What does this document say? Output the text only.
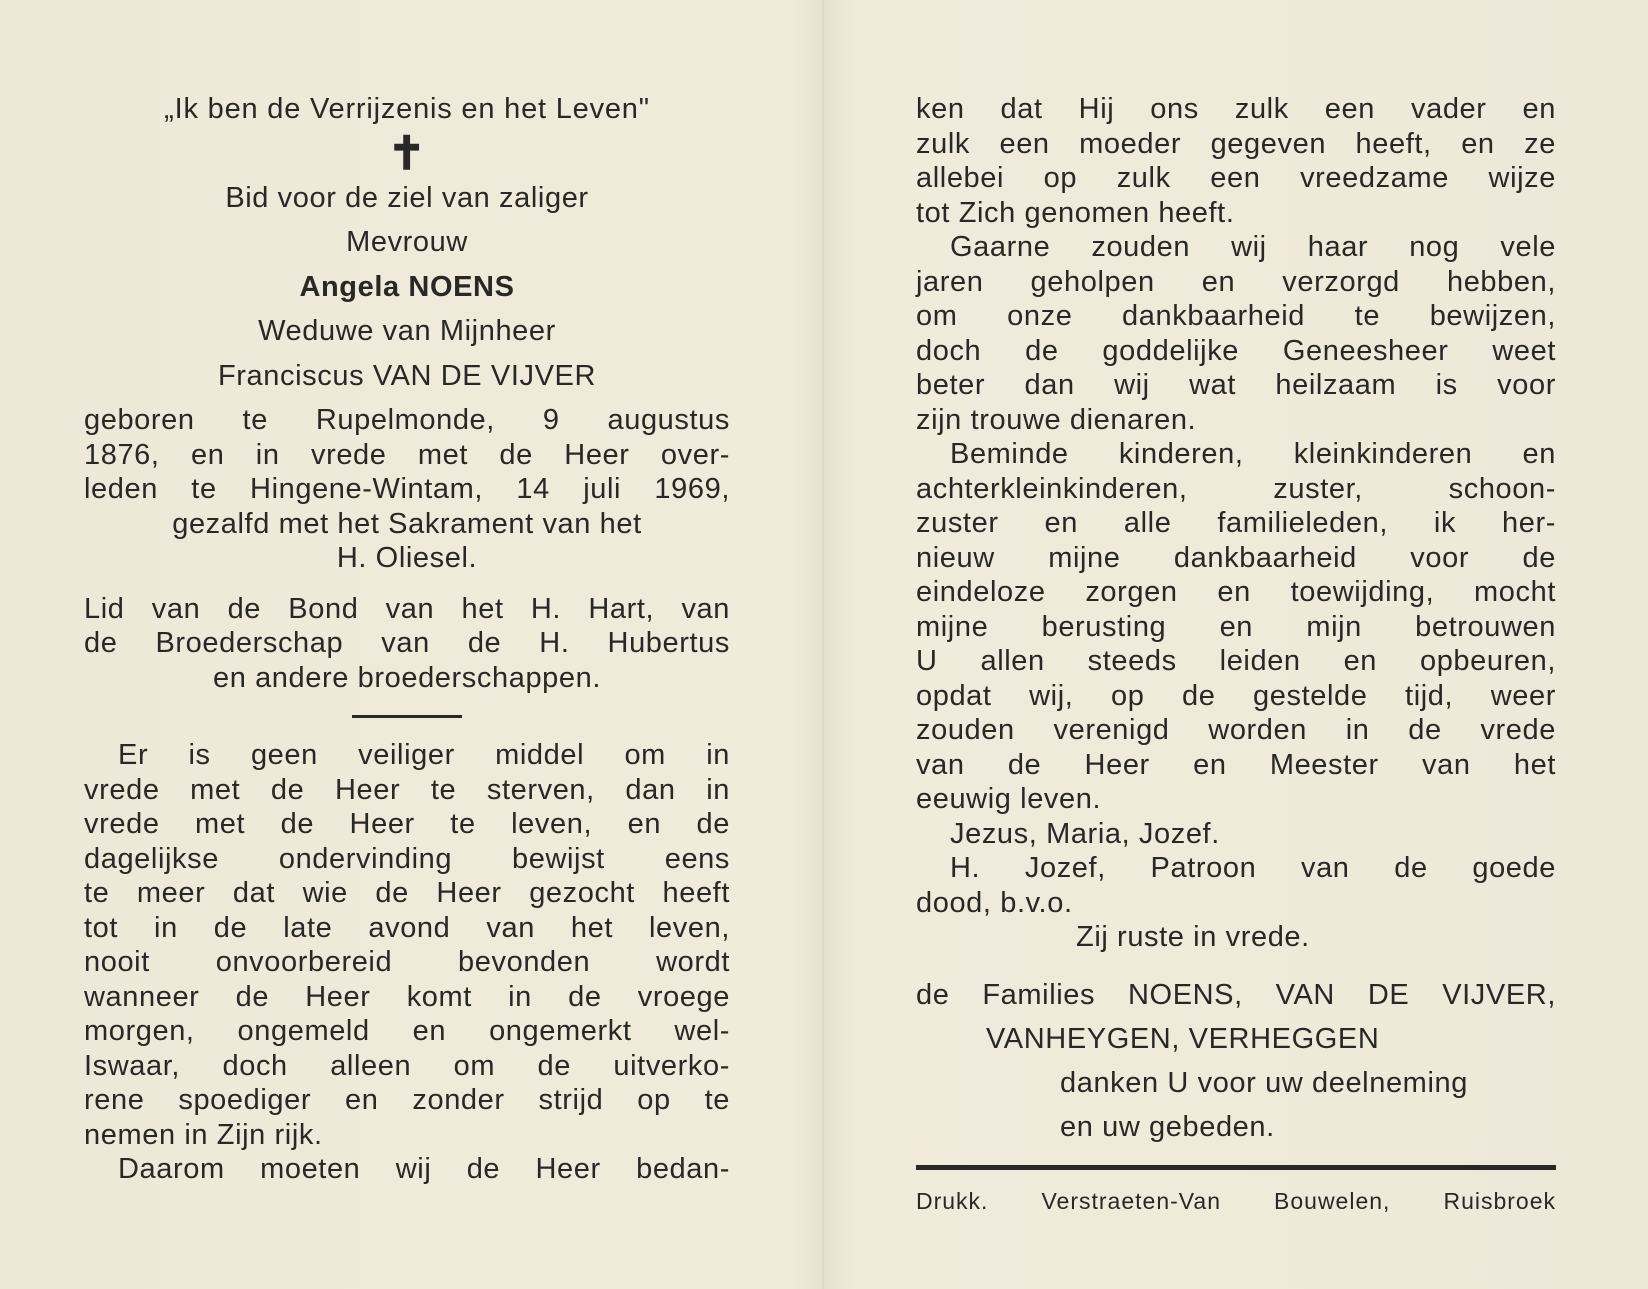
„Ik ben de Verrijzenis en het Leven"
✝
Bid voor de ziel van zaliger
Mevrouw
Angela NOENS
Weduwe van Mijnheer
Franciscus VAN DE VIJVER
geboren te Rupelmonde, 9 augustus
1876, en in vrede met de Heer over-
leden te Hingene-Wintam, 14 juli 1969,
gezalfd met het Sakrament van het
H. Oliesel.
Lid van de Bond van het H. Hart, van
de Broederschap van de H. Hubertus
en andere broederschappen.
Er is geen veiliger middel om in
vrede met de Heer te sterven, dan in
vrede met de Heer te leven, en de
dagelijkse ondervinding bewijst eens
te meer dat wie de Heer gezocht heeft
tot in de late avond van het leven,
nooit onvoorbereid bevonden wordt
wanneer de Heer komt in de vroege
morgen, ongemeld en ongemerkt wel-
Iswaar, doch alleen om de uitverko-
rene spoediger en zonder strijd op te
nemen in Zijn rijk.
Daarom moeten wij de Heer bedan-
ken dat Hij ons zulk een vader en
zulk een moeder gegeven heeft, en ze
allebei op zulk een vreedzame wijze
tot Zich genomen heeft.
Gaarne zouden wij haar nog vele
jaren geholpen en verzorgd hebben,
om onze dankbaarheid te bewijzen,
doch de goddelijke Geneesheer weet
beter dan wij wat heilzaam is voor
zijn trouwe dienaren.
Beminde kinderen, kleinkinderen en
achterkleinkinderen, zuster, schoon-
zuster en alle familieleden, ik her-
nieuw mijne dankbaarheid voor de
eindeloze zorgen en toewijding, mocht
mijne berusting en mijn betrouwen
U allen steeds leiden en opbeuren,
opdat wij, op de gestelde tijd, weer
zouden verenigd worden in de vrede
van de Heer en Meester van het
eeuwig leven.
Jezus, Maria, Jozef.
H. Jozef, Patroon van de goede
dood, b.v.o.
Zij ruste in vrede.
de Families NOENS, VAN DE VIJVER,
VANHEYGEN, VERHEGGEN
danken U voor uw deelneming
en uw gebeden.
Drukk. Verstraeten-Van Bouwelen, Ruisbroek
